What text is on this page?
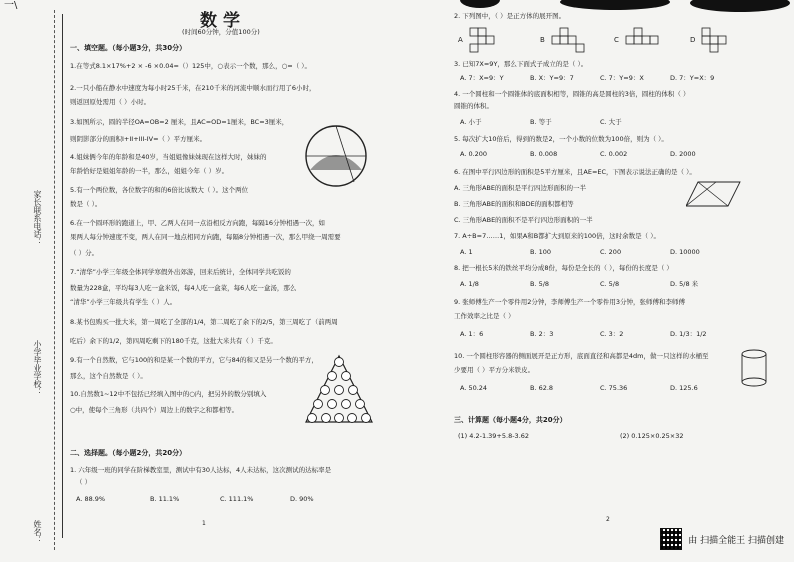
家长联系电话：
小学毕业学校：
姓名：
一\
数学
(时间60分钟，分值100分)
一、填空题。（每小题3分，共30分）
1.在等式8.1×17%+2 × -6 ×0.04=（）125中，○表示一个数，那么，○=（ ）。
2.一只小船在静水中速度为每小时25千米，在210千米的河流中顺水而行用了6小时，
则返回原处需用（ ）小时。
3.如图所示，圆的半径OA=OB=2 厘米，且AC=OD=1厘米，BC=3厘米，
则阴影部分的面积I+II+III-IV=（ ）平方厘米。
4.姐妹俩今年的年龄和是40岁，当姐姐像妹妹现在这样大时，妹妹的
年龄恰好是姐姐年龄的一半，那么，姐姐今年（ ）岁。
5.有一个两位数，各位数字的和的6倍比该数大（ ）。这个两位
数是（ ）。
6.在一个圆环形的跑道上，甲、乙两人在同一点沿相反方向跑，每隔16分钟相遇一次，如
果两人每分钟速度不变，两人在同一地点相同方向跑，每隔8分钟相遇一次，那么甲绕一周需要
（ ）分。
7.“清华”小学三年级全体同学寒假外出郊游，回来后统计，全体同学共吃饭的
数量为228盒，平均每3人吃一盒米饭，每4人吃一盒菜，每6人吃一盒汤，那么
“清华”小学三年级共有学生（ ）人。
8.某书包购买一批大米，第一周吃了全部的1/4，第二周吃了余下的2/5，第三周吃了（前两周
吃后）余下的1/2，第四周吃剩下的180千克，这批大米共有（ ）千克。
9.有一个自然数，它与100的和是某一个数的平方，它与84的和又是另一个数的平方，
那么，这个自然数是（ ）。
10.自然数1~12中不包括已经填入图中的○内，把另外的数分别填入
○中，使每个三角形（共四个）周边上的数字之和都相等。
二、选择题。（每小题2分，共20分）
1. 六年级一班的同学在阶梯教室里，测试中有30人达标，4人未达标，这次测试的达标率是
（ ）
A. 88.9%	B. 11.1%	C. 111.1%	D. 90%
1
2. 下列图中，（ ）是正方体的展开图。
A	B	C	D
3. 已知7X=9Y，那么下面式子成立的是（ ）。
A. 7：X=9：Y	B. X：Y=9：7	C. 7：Y=9：X	D. 7：Y=X：9
4. 一个圆柱和一个圆锥体的底面积相等，圆锥的高是圆柱的3倍，圆柱的体积（ ）
圆锥的体积。
A. 小于	B. 等于	C. 大于
5. 每次扩大10倍后，得到的数是2，一个小数的位数为100倍，则为（ ）。
A. 0.200	B. 0.008	C. 0.002	D. 2000
6. 在图中平行四边形的面积是5平方厘米，且AE=EC，下图表示说法正确的是（ ）。
A. 三角形ABE的面积是平行四边形面积的一半
B. 三角形ABE的面积和BDE的面积都相等
C. 三角形ABE的面积不是平行四边形面积的一半
7. A÷B=7……1，如果A和B都扩大到原来的100倍，这时余数是（ ）。
A. 1	B. 100	C. 200	D. 10000
8. 把一根长5米的铁丝平均分成8份，每份是全长的（ ），每份的长度是（ ）
A. 1/8	B. 5/8	C. 5/8	D. 5/8 米
9. 张师傅生产一个零件用2分钟，李师傅生产一个零件用3分钟，张师傅和李师傅
工作效率之比是（ ）
A. 1：6	B. 2：3	C. 3：2	D. 1/3：1/2
10. 一个圆柱形容器的侧面展开是正方形，底面直径和高都是4dm，做一只这样的水桶至
少要用（ ）平方分米铁皮。
A. 50.24	B. 62.8	C. 75.36	D. 125.6
三、计算题（每小题4分，共20分）
(1) 4.2-1.39+5.8-3.62	(2) 0.125×0.25×32
2
由 扫描全能王 扫描创建
